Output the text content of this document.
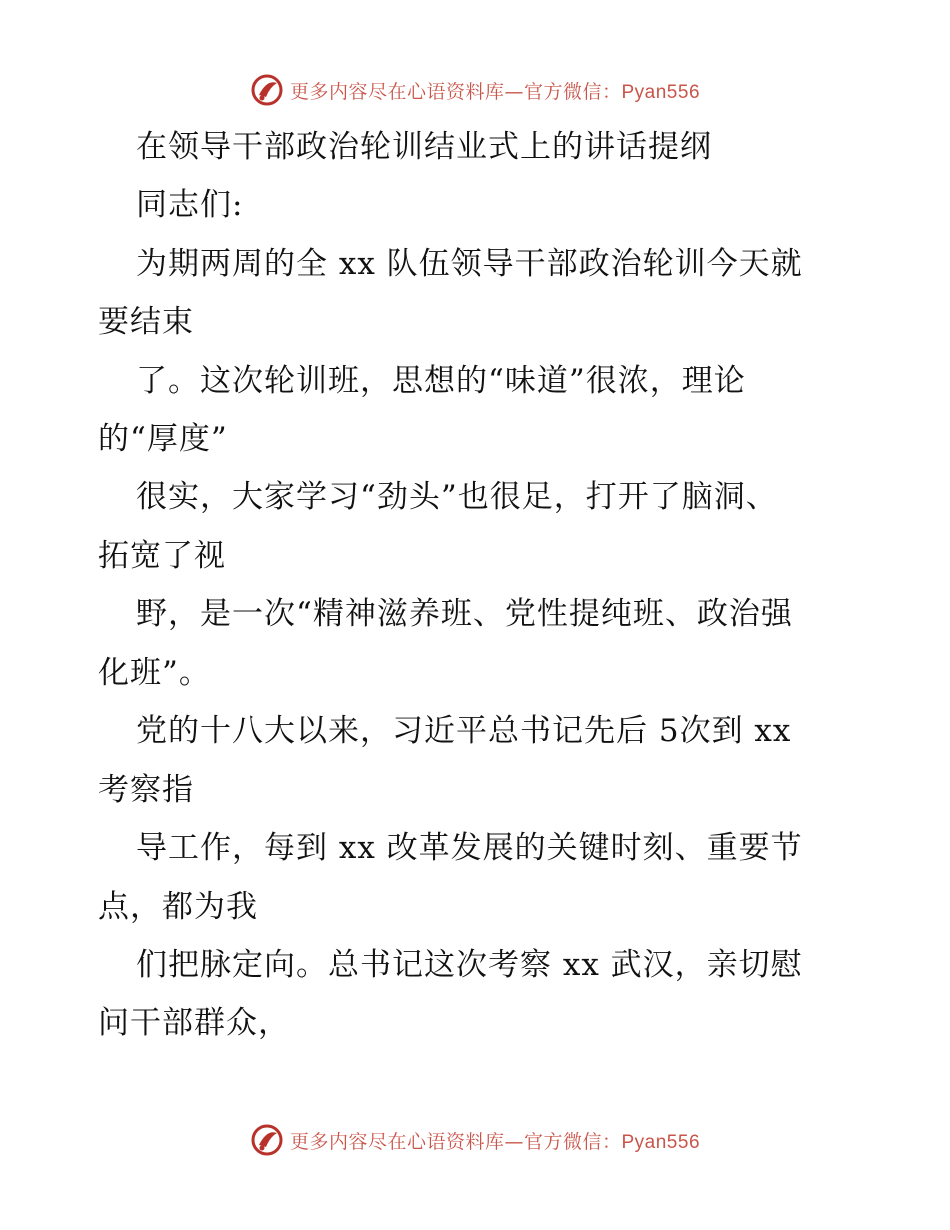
更多内容尽在心语资料库—官方微信：Pyan556
在领导干部政治轮训结业式上的讲话提纲
同志们:
为期两周的全 xx 队伍领导干部政治轮训今天就
要结束
了。这次轮训班，思想的“味道”很浓，理论
的“厚度”
很实，大家学习“劲头”也很足，打开了脑洞、
拓宽了视
野，是一次“精神滋养班、党性提纯班、政治强
化班”。
党的十八大以来，习近平总书记先后 5次到 xx
考察指
导工作，每到 xx 改革发展的关键时刻、重要节
点，都为我
们把脉定向。总书记这次考察 xx 武汉，亲切慰
问干部群众，
更多内容尽在心语资料库—官方微信：Pyan556
